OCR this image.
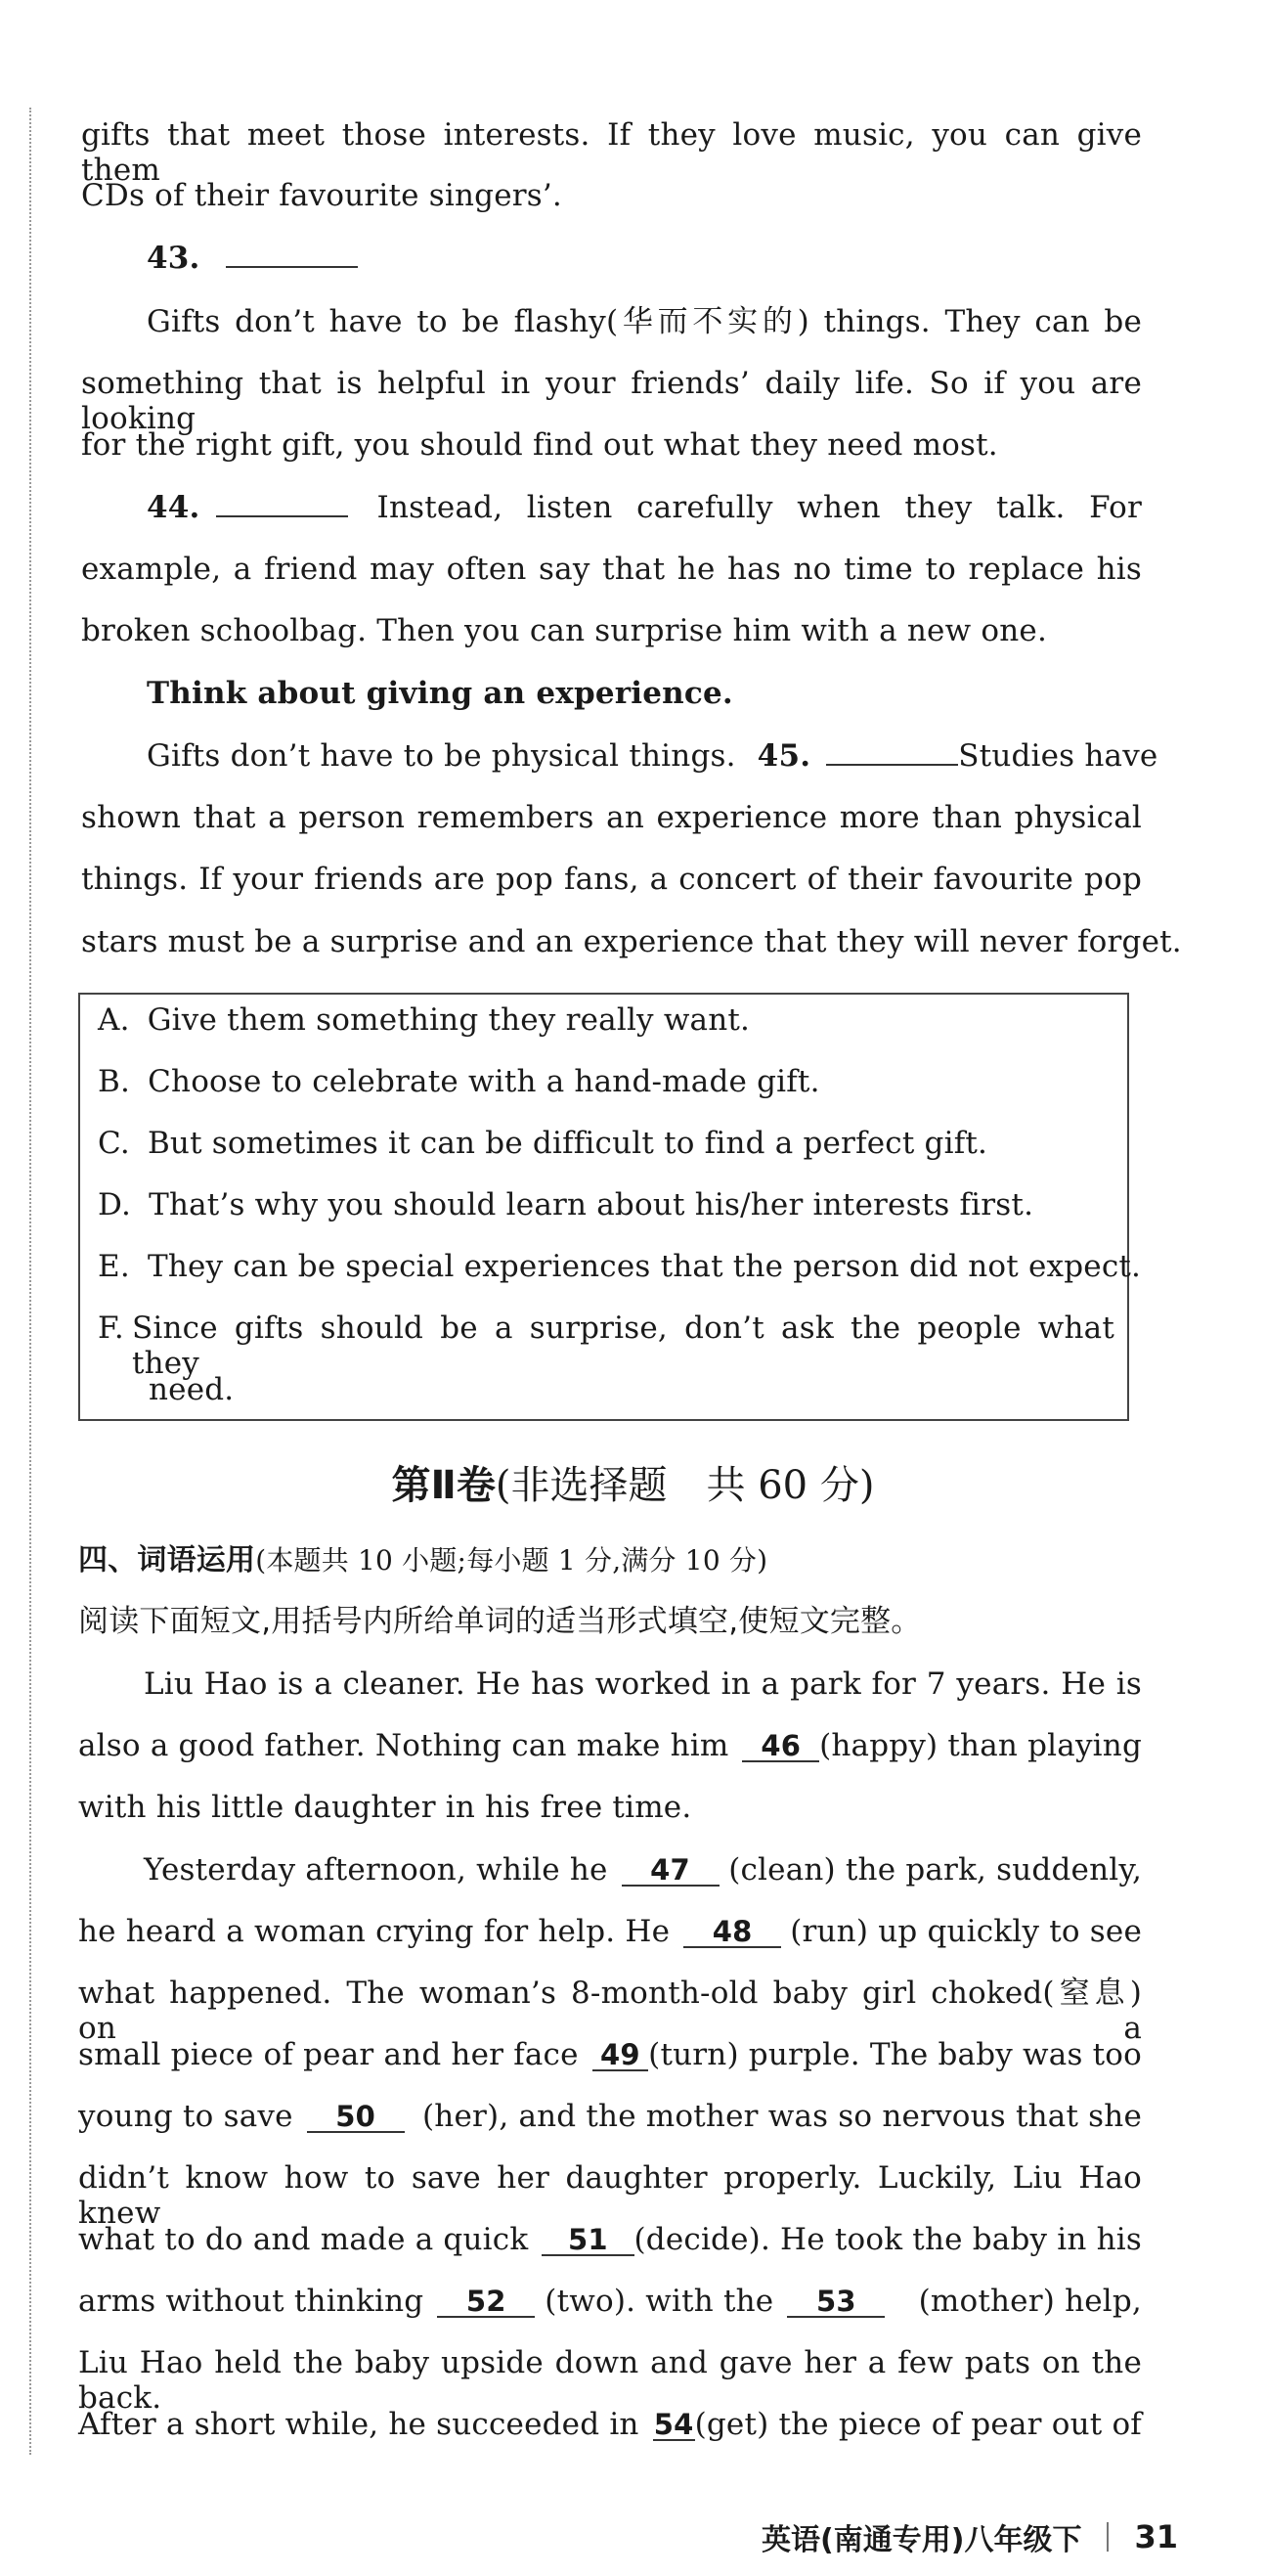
gifts that meet those interests. If they love music, you can give them
CDs of their favourite singers’.
43.
Gifts don’t have to be flashy(华而不实的) things. They can be
something that is helpful in your friends’ daily life. So if you are looking
for the right gift, you should find out what they need most.
44.	Instead, listen carefully when they talk. For
example, a friend may often say that he has no time to replace his
broken schoolbag. Then you can surprise him with a new one.
Think about giving an experience.
Gifts don’t have to be physical things. 45.	Studies have
shown that a person remembers an experience more than physical
things. If your friends are pop fans, a concert of their favourite pop
stars must be a surprise and an experience that they will never forget.
A. Give them something they really want.
B. Choose to celebrate with a hand-made gift.
C. But sometimes it can be difficult to find a perfect gift.
D. That’s why you should learn about his/her interests first.
E. They can be special experiences that the person did not expect.
F. Since gifts should be a surprise, don’t ask the people what they
need.
第Ⅱ卷(非选择题　共 60 分)
四、词语运用(本题共 10 小题;每小题 1 分,满分 10 分)
阅读下面短文,用括号内所给单词的适当形式填空,使短文完整。
Liu Hao is a cleaner. He has worked in a park for 7 years. He is
also a good father. Nothing can make him	46 (happy) than playing
with his little daughter in his free time.
Yesterday afternoon, while he	47	(clean) the park, suddenly,
he heard a woman crying for help. He	48	(run) up quickly to see
what happened. The woman’s 8-month-old baby girl choked(窒息) on a
small piece of pear and her face 49 (turn) purple. The baby was too
young to save	50	(her), and the mother was so nervous that she
didn’t know how to save her daughter properly. Luckily, Liu Hao knew
what to do and made a quick	51 (decide). He took the baby in his
arms without thinking	52	(two). with the	53	(mother) help,
Liu Hao held the baby upside down and gave her a few pats on the back.
After a short while, he succeeded in 54 (get) the piece of pear out of
英语(南通专用)八年级下 31
